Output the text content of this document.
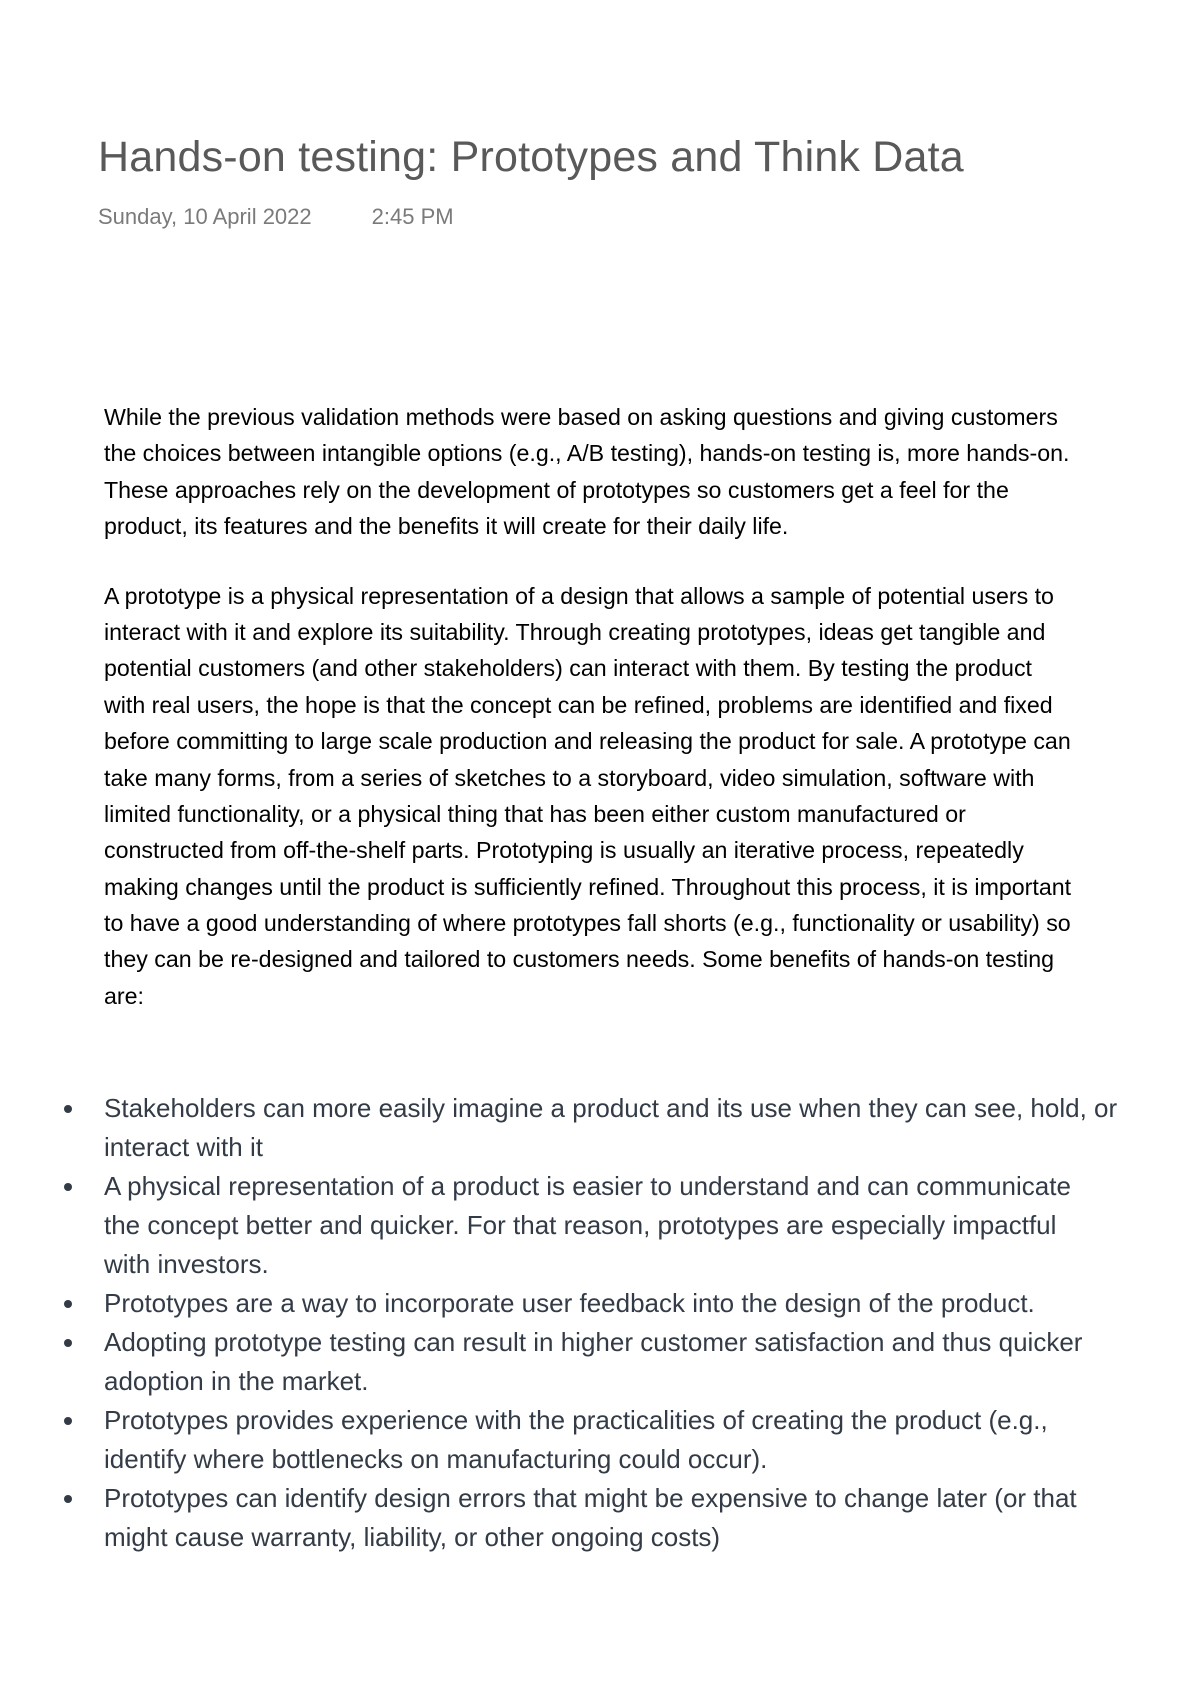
Hands-on testing: Prototypes and Think Data
Sunday, 10 April 2022	2:45 PM
While the previous validation methods were based on asking questions and giving customers
the choices between intangible options (e.g., A/B testing), hands-on testing is, more hands-on.
These approaches rely on the development of prototypes so customers get a feel for the
product, its features and the benefits it will create for their daily life.
A prototype is a physical representation of a design that allows a sample of potential users to
interact with it and explore its suitability. Through creating prototypes, ideas get tangible and
potential customers (and other stakeholders) can interact with them. By testing the product
with real users, the hope is that the concept can be refined, problems are identified and fixed
before committing to large scale production and releasing the product for sale. A prototype can
take many forms, from a series of sketches to a storyboard, video simulation, software with
limited functionality, or a physical thing that has been either custom manufactured or
constructed from off-the-shelf parts. Prototyping is usually an iterative process, repeatedly
making changes until the product is sufficiently refined. Throughout this process, it is important
to have a good understanding of where prototypes fall shorts (e.g., functionality or usability) so
they can be re-designed and tailored to customers needs. Some benefits of hands-on testing
are:
Stakeholders can more easily imagine a product and its use when they can see, hold, or
interact with it
A physical representation of a product is easier to understand and can communicate
the concept better and quicker. For that reason, prototypes are especially impactful
with investors.
Prototypes are a way to incorporate user feedback into the design of the product.
Adopting prototype testing can result in higher customer satisfaction and thus quicker
adoption in the market.
Prototypes provides experience with the practicalities of creating the product (e.g.,
identify where bottlenecks on manufacturing could occur).
Prototypes can identify design errors that might be expensive to change later (or that
might cause warranty, liability, or other ongoing costs)
